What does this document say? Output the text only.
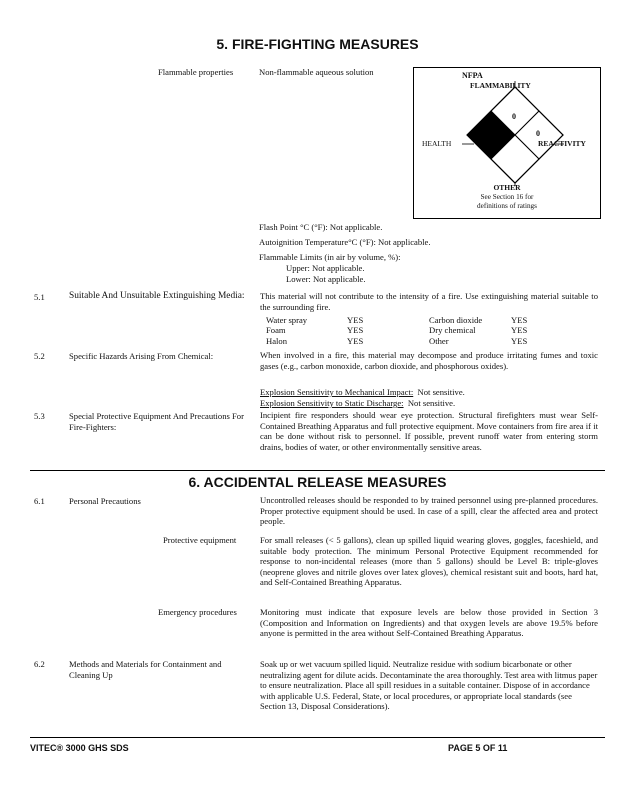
5. FIRE-FIGHTING MEASURES
Flammable properties	Non-flammable aqueous solution	NFPA
FLAMMABILITY
HEALTH	REACTIVITY
0
0
OTHER
See Section 16 for
definitions of ratings
Flash Point °C (°F): Not applicable.
Autoignition Temperature°C (°F): Not applicable.
Flammable Limits (in air by volume, %):
Upper: Not applicable.
Lower: Not applicable.
5.1	Suitable And Unsuitable Extinguishing Media:	This material will not contribute to the intensity of a fire. Use extinguishing material suitable to the surrounding fire.
Water spray	YES	Carbon dioxide	YES
Foam	YES	Dry chemical	YES
Halon	YES	Other	YES
5.2	Specific Hazards Arising From Chemical:	When involved in a fire, this material may decompose and produce irritating fumes and toxic gases (e.g., carbon monoxide, carbon dioxide, and phosphorous oxides).
Explosion Sensitivity to Mechanical Impact: Not sensitive.
Explosion Sensitivity to Static Discharge: Not sensitive.
5.3	Special Protective Equipment And Precautions For Fire-Fighters:
Incipient fire responders should wear eye protection. Structural firefighters must wear Self-Contained Breathing Apparatus and full protective equipment. Move containers from fire area if it can be done without risk to personnel. If possible, prevent runoff water from entering storm drains, bodies of water, or other environmentally sensitive areas.
6. ACCIDENTAL RELEASE MEASURES
6.1	Personal Precautions	Uncontrolled releases should be responded to by trained personnel using pre-planned procedures. Proper protective equipment should be used. In case of a spill, clear the affected area and protect people.
Protective equipment	For small releases (< 5 gallons), clean up spilled liquid wearing gloves, goggles, faceshield, and suitable body protection. The minimum Personal Protective Equipment recommended for response to non-incidental releases (more than 5 gallons) should be Level B: triple-gloves (neoprene gloves and nitrile gloves over latex gloves), chemical resistant suit and boots, hard hat, and Self-Contained Breathing Apparatus.
Emergency procedures	Monitoring must indicate that exposure levels are below those provided in Section 3 (Composition and Information on Ingredients) and that oxygen levels are above 19.5% before anyone is permitted in the area without Self-Contained Breathing Apparatus.
6.2	Methods and Materials for Containment and Cleaning Up
Soak up or wet vacuum spilled liquid. Neutralize residue with sodium bicarbonate or other neutralizing agent for dilute acids. Decontaminate the area thoroughly. Test area with litmus paper to ensure neutralization. Place all spill residues in a suitable container. Dispose of in accordance with applicable U.S. Federal, State, or local procedures, or appropriate local standards (see Section 13, Disposal Considerations).
VITEC® 3000 GHS SDS	PAGE 5 OF 11
